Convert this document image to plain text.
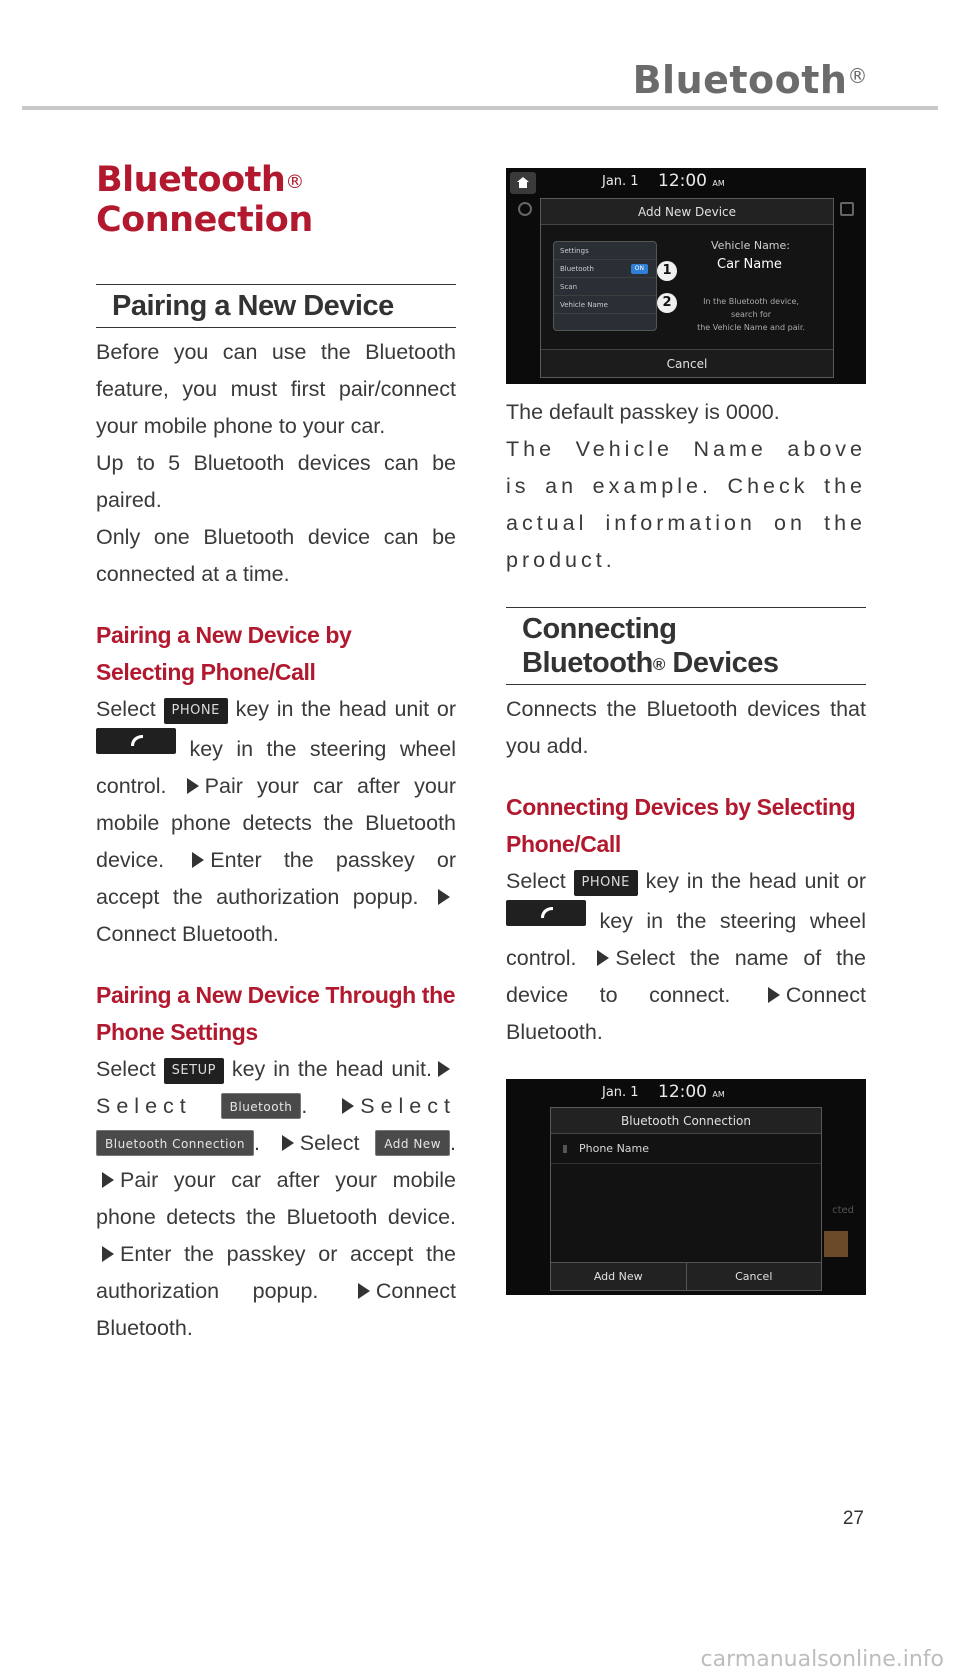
Bluetooth®
Bluetooth®
Connection
Pairing a New Device

Before you can use the Bluetooth feature, you must first pair/connect your mobile phone to your car.

Up to 5 Bluetooth devices can be paired.

Only one Bluetooth device can be connected at a time.

Pairing a New Device by Selecting Phone/Call
Select PHONE key in the head unit or
key in the steering wheel control. Pair your car after your mobile phone detects the Bluetooth device. Enter the passkey or accept the authorization popup. Connect Bluetooth.
Pairing a New Device Through the Phone Settings
Select SETUP key in the head unit.Select	Bluetooth . Select Bluetooth Connection . Select Add New . Pair your car after your mobile phone detects the Bluetooth device. Enter the passkey or accept the authorization popup.	Connect Bluetooth.
Jan. 1 12:00 AM
Add New Device
Settings
Bluetooth	ON
Scan
Vehicle Name
1
2
Vehicle Name:
Car Name
In the Bluetooth device,
search for
the Vehicle Name and pair.
Cancel

The default passkey is 0000.

The Vehicle Name above is an example. Check the actual information on the product.

Connecting
Bluetooth® Devices

Connects the Bluetooth devices that you add.

Connecting Devices by Selecting Phone/Call
Select PHONE key in the head unit or
key in the steering wheel control. Select the name of the device to connect.	Connect Bluetooth.
Jan. 1 12:00 AM
cted
Bluetooth Connection
Phone Name
Add New	Cancel
27
carmanualsonline.info
